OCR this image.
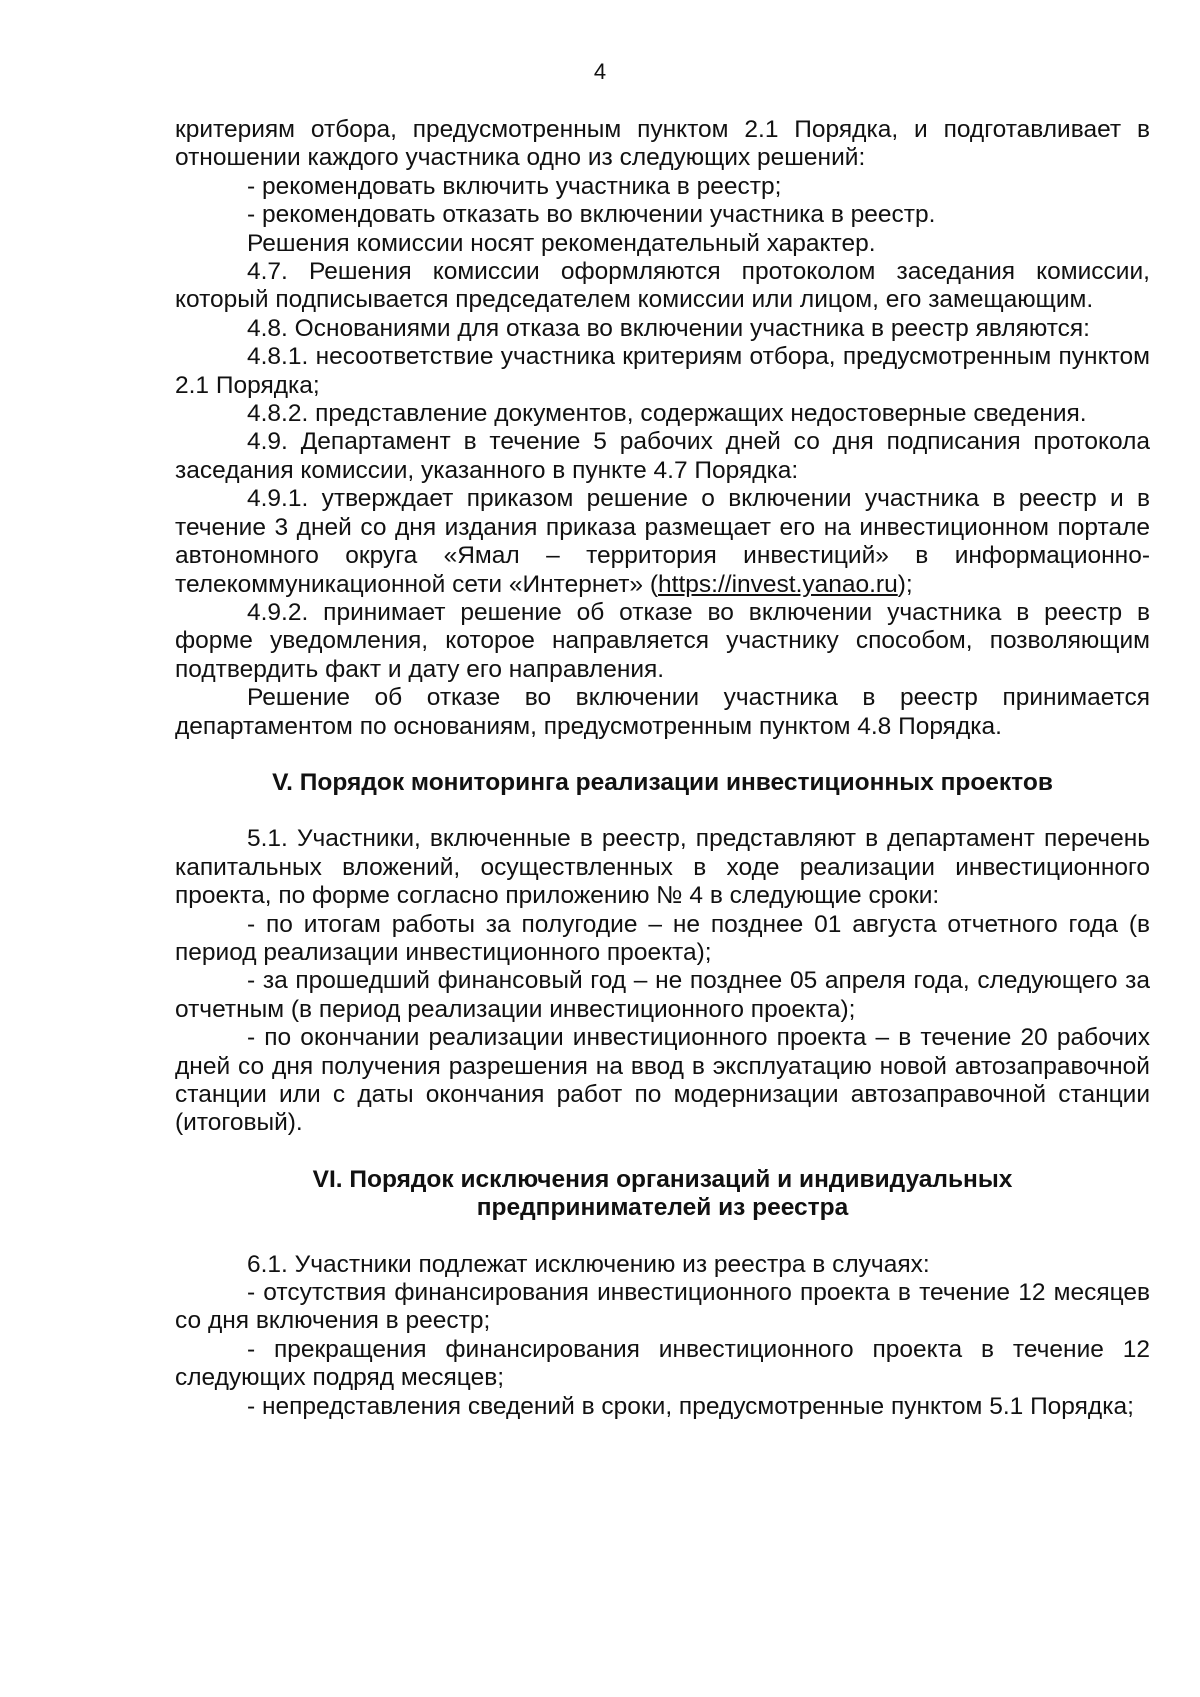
4

критериям отбора, предусмотренным пунктом 2.1 Порядка, и подготавливает в отношении каждого участника одно из следующих решений:

- рекомендовать включить участника в реестр;

- рекомендовать отказать во включении участника в реестр.

Решения комиссии носят рекомендательный характер.

4.7. Решения комиссии оформляются протоколом заседания комиссии, который подписывается председателем комиссии или лицом, его замещающим.

4.8. Основаниями для отказа во включении участника в реестр являются:

4.8.1. несоответствие участника критериям отбора, предусмотренным пунктом 2.1 Порядка;

4.8.2. представление документов, содержащих недостоверные сведения.

4.9. Департамент в течение 5 рабочих дней со дня подписания протокола заседания комиссии, указанного в пункте 4.7 Порядка:

4.9.1. утверждает приказом решение о включении участника в реестр и в течение 3 дней со дня издания приказа размещает его на инвестиционном портале автономного округа «Ямал – территория инвестиций» в информационно-телекоммуникационной сети «Интернет» (https://invest.yanao.ru);

4.9.2. принимает решение об отказе во включении участника в реестр в форме уведомления, которое направляется участнику способом, позволяющим подтвердить факт и дату его направления.

Решение об отказе во включении участника в реестр принимается департаментом по основаниям, предусмотренным пунктом 4.8 Порядка.

V. Порядок мониторинга реализации инвестиционных проектов

5.1. Участники, включенные в реестр, представляют в департамент перечень капитальных вложений, осуществленных в ходе реализации инвестиционного проекта, по форме согласно приложению № 4 в следующие сроки:

- по итогам работы за полугодие – не позднее 01 августа отчетного года (в период реализации инвестиционного проекта);

- за прошедший финансовый год – не позднее 05 апреля года, следующего за отчетным (в период реализации инвестиционного проекта);

- по окончании реализации инвестиционного проекта – в течение 20 рабочих дней со дня получения разрешения на ввод в эксплуатацию новой автозаправочной станции или с даты окончания работ по модернизации автозаправочной станции (итоговый).

VI. Порядок исключения организаций и индивидуальных

предпринимателей из реестра

6.1. Участники подлежат исключению из реестра в случаях:

- отсутствия финансирования инвестиционного проекта в течение 12 месяцев со дня включения в реестр;

- прекращения финансирования инвестиционного проекта в течение 12 следующих подряд месяцев;

- непредставления сведений в сроки, предусмотренные пунктом 5.1 Порядка;
